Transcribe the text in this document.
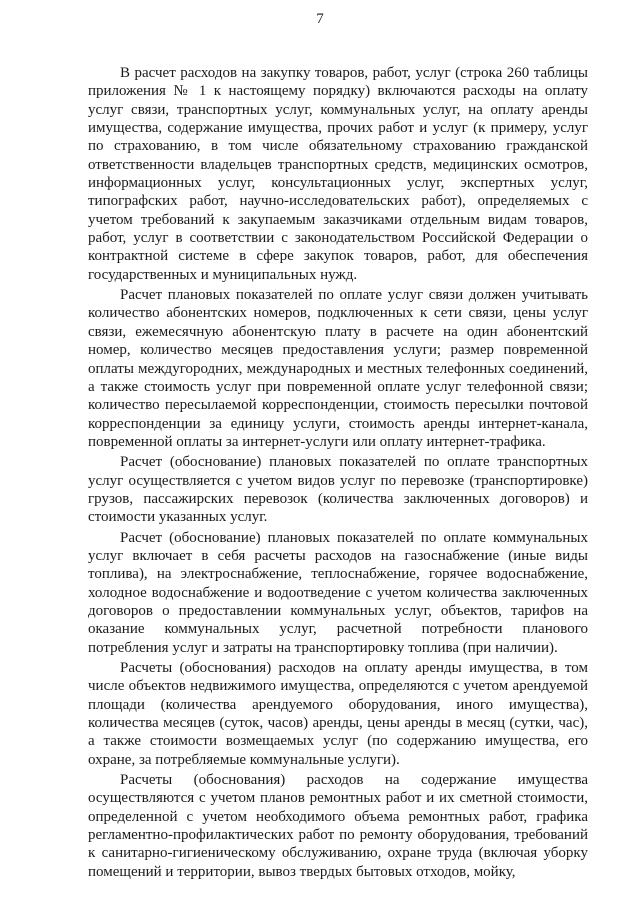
7

В расчет расходов на закупку товаров, работ, услуг (строка 260 таблицы приложения № 1 к настоящему порядку) включаются расходы на оплату услуг связи, транспортных услуг, коммунальных услуг, на оплату аренды имущества, содержание имущества, прочих работ и услуг (к примеру, услуг по страхованию, в том числе обязательному страхованию гражданской ответственности владельцев транспортных средств, медицинских осмотров, информационных услуг, консультационных услуг, экспертных услуг, типографских работ, научно-исследовательских работ), определяемых с учетом требований к закупаемым заказчиками отдельным видам товаров, работ, услуг в соответствии с законодательством Российской Федерации о контрактной системе в сфере закупок товаров, работ, для обеспечения государственных и муниципальных нужд.

Расчет плановых показателей по оплате услуг связи должен учитывать количество абонентских номеров, подключенных к сети связи, цены услуг связи, ежемесячную абонентскую плату в расчете на один абонентский номер, количество месяцев предоставления услуги; размер повременной оплаты междугородних, международных и местных телефонных соединений, а также стоимость услуг при повременной оплате услуг телефонной связи; количество пересылаемой корреспонденции, стоимость пересылки почтовой корреспонденции за единицу услуги, стоимость аренды интернет-канала, повременной оплаты за интернет-услуги или оплату интернет-трафика.

Расчет (обоснование) плановых показателей по оплате транспортных услуг осуществляется с учетом видов услуг по перевозке (транспортировке) грузов, пассажирских перевозок (количества заключенных договоров) и стоимости указанных услуг.

Расчет (обоснование) плановых показателей по оплате коммунальных услуг включает в себя расчеты расходов на газоснабжение (иные виды топлива), на электроснабжение, теплоснабжение, горячее водоснабжение, холодное водоснабжение и водоотведение с учетом количества заключенных договоров о предоставлении коммунальных услуг, объектов, тарифов на оказание коммунальных услуг, расчетной потребности планового потребления услуг и затраты на транспортировку топлива (при наличии).

Расчеты (обоснования) расходов на оплату аренды имущества, в том числе объектов недвижимого имущества, определяются с учетом арендуемой площади (количества арендуемого оборудования, иного имущества), количества месяцев (суток, часов) аренды, цены аренды в месяц (сутки, час), а также стоимости возмещаемых услуг (по содержанию имущества, его охране, за потребляемые коммунальные услуги).

Расчеты (обоснования) расходов на содержание имущества осуществляются с учетом планов ремонтных работ и их сметной стоимости, определенной с учетом необходимого объема ремонтных работ, графика регламентно-профилактических работ по ремонту оборудования, требований к санитарно-гигиеническому обслуживанию, охране труда (включая уборку помещений и территории, вывоз твердых бытовых отходов, мойку,
